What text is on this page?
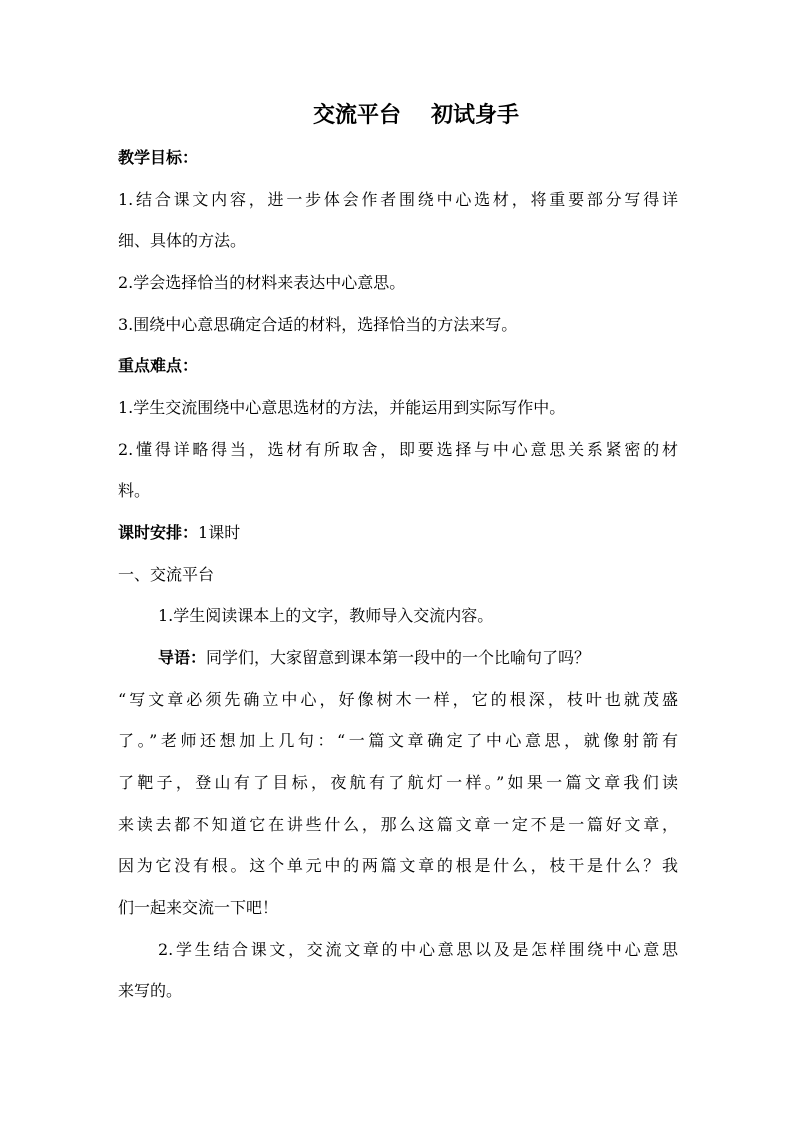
交流平台 初试身手
教学目标：
1.结合课文内容，进一步体会作者围绕中心选材，将重要部分写得详
细、具体的方法。
2.学会选择恰当的材料来表达中心意思。
3.围绕中心意思确定合适的材料，选择恰当的方法来写。
重点难点：
1.学生交流围绕中心意思选材的方法，并能运用到实际写作中。
2.懂得详略得当，选材有所取舍，即要选择与中心意思关系紧密的材
料。
课时安排：1课时
一、交流平台
1.学生阅读课本上的文字，教师导入交流内容。
导语：同学们，大家留意到课本第一段中的一个比喻句了吗？
“写文章必须先确立中心，好像树木一样，它的根深，枝叶也就茂盛
了。”老师还想加上几句：“一篇文章确定了中心意思，就像射箭有
了靶子，登山有了目标，夜航有了航灯一样。”如果一篇文章我们读
来读去都不知道它在讲些什么，那么这篇文章一定不是一篇好文章，
因为它没有根。这个单元中的两篇文章的根是什么，枝干是什么？我
们一起来交流一下吧！
2.学生结合课文，交流文章的中心意思以及是怎样围绕中心意思
来写的。
